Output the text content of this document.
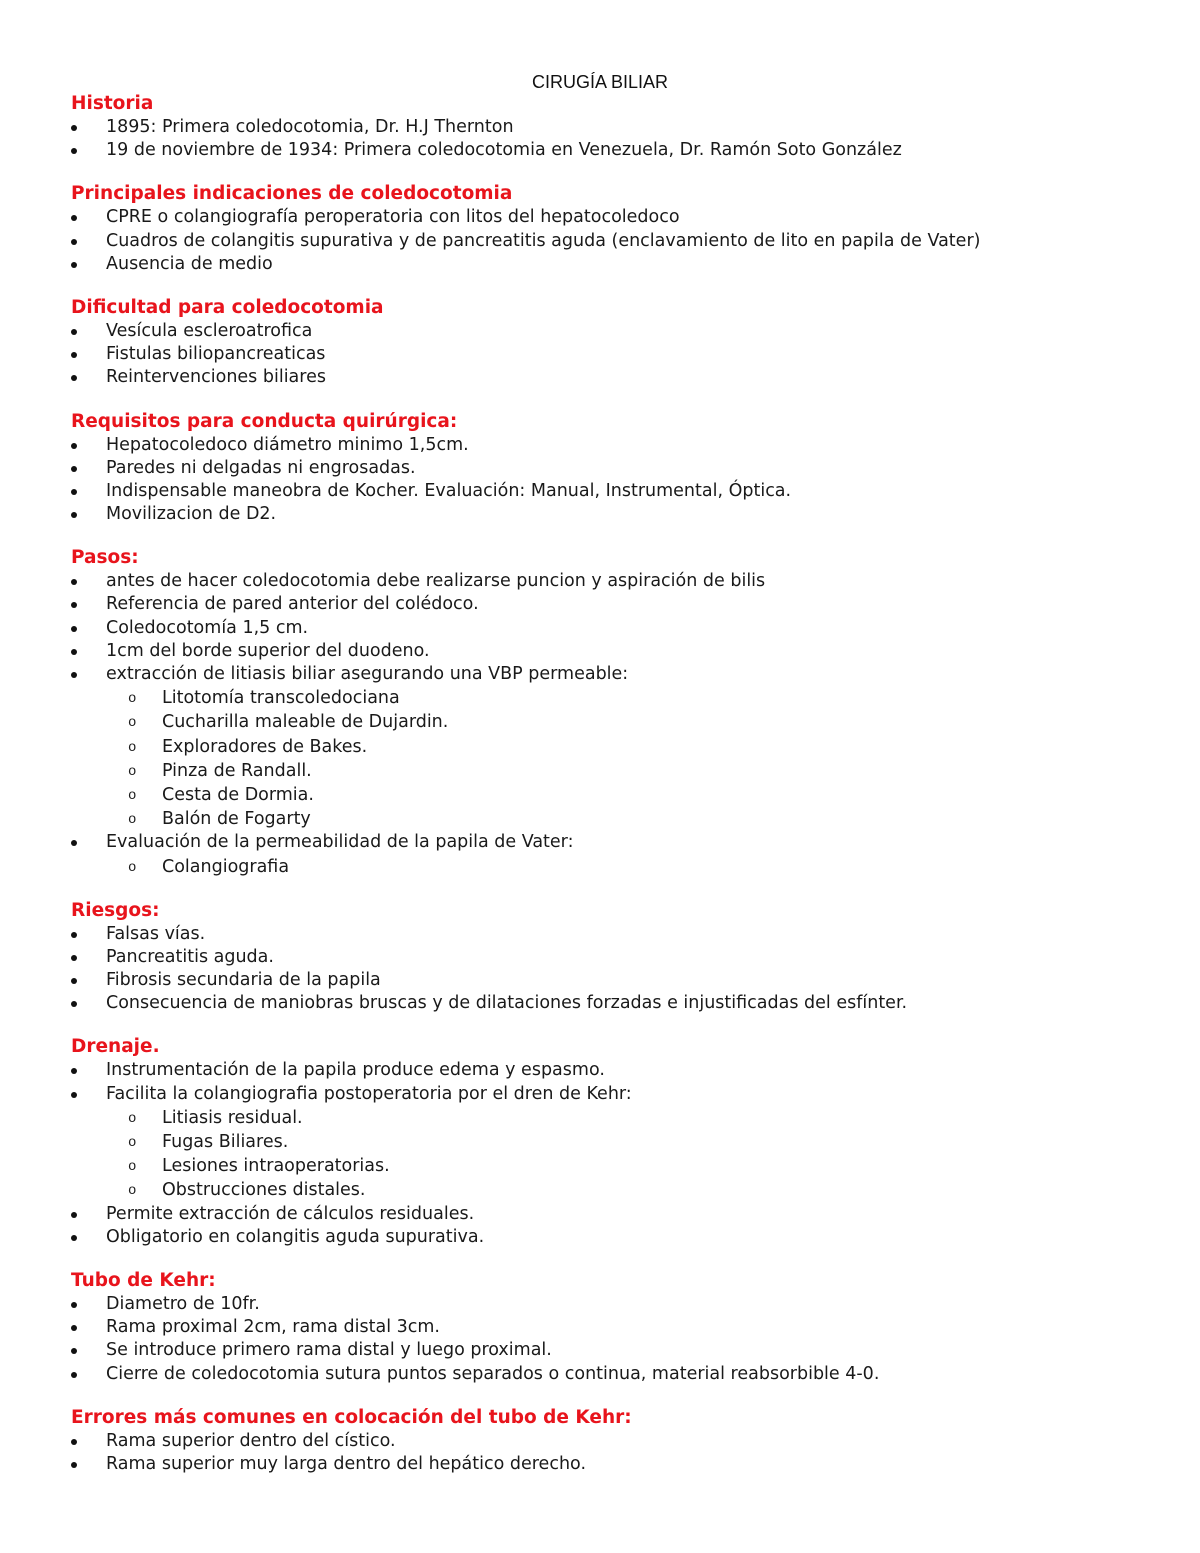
CIRUGÍA BILIAR
Historia
1895: Primera coledocotomia, Dr. H.J Thernton
19 de noviembre de 1934: Primera coledocotomia en Venezuela, Dr. Ramón Soto González
Principales indicaciones de coledocotomia
CPRE o colangiografía peroperatoria con litos del hepatocoledoco
Cuadros de colangitis supurativa y de pancreatitis aguda (enclavamiento de lito en papila de Vater)
Ausencia de medio
Dificultad para coledocotomia
Vesícula escleroatrofica
Fistulas biliopancreaticas
Reintervenciones biliares
Requisitos para conducta quirúrgica:
Hepatocoledoco diámetro minimo 1,5cm.
Paredes ni delgadas ni engrosadas.
Indispensable maneobra de Kocher. Evaluación: Manual, Instrumental, Óptica.
Movilizacion de D2.
Pasos:
antes de hacer coledocotomia debe realizarse puncion y aspiración de bilis
Referencia de pared anterior del colédoco.
Coledocotomía 1,5 cm.
1cm del borde superior del duodeno.
extracción de litiasis biliar asegurando una VBP permeable:
o Litotomía transcoledociana
o Cucharilla maleable de Dujardin.
o Exploradores de Bakes.
o Pinza de Randall.
o Cesta de Dormia.
o Balón de Fogarty
Evaluación de la permeabilidad de la papila de Vater:
o Colangiografia
Riesgos:
Falsas vías.
Pancreatitis aguda.
Fibrosis secundaria de la papila
Consecuencia de maniobras bruscas y de dilataciones forzadas e injustificadas del esfínter.
Drenaje.
Instrumentación de la papila produce edema y espasmo.
Facilita la colangiografia postoperatoria por el dren de Kehr:
o Litiasis residual.
o Fugas Biliares.
o Lesiones intraoperatorias.
o Obstrucciones distales.
Permite extracción de cálculos residuales.
Obligatorio en colangitis aguda supurativa.
Tubo de Kehr:
Diametro de 10fr.
Rama proximal 2cm, rama distal 3cm.
Se introduce primero rama distal y luego proximal.
Cierre de coledocotomia sutura puntos separados o continua, material reabsorbible 4-0.
Errores más comunes en colocación del tubo de Kehr:
Rama superior dentro del cístico.
Rama superior muy larga dentro del hepático derecho.
